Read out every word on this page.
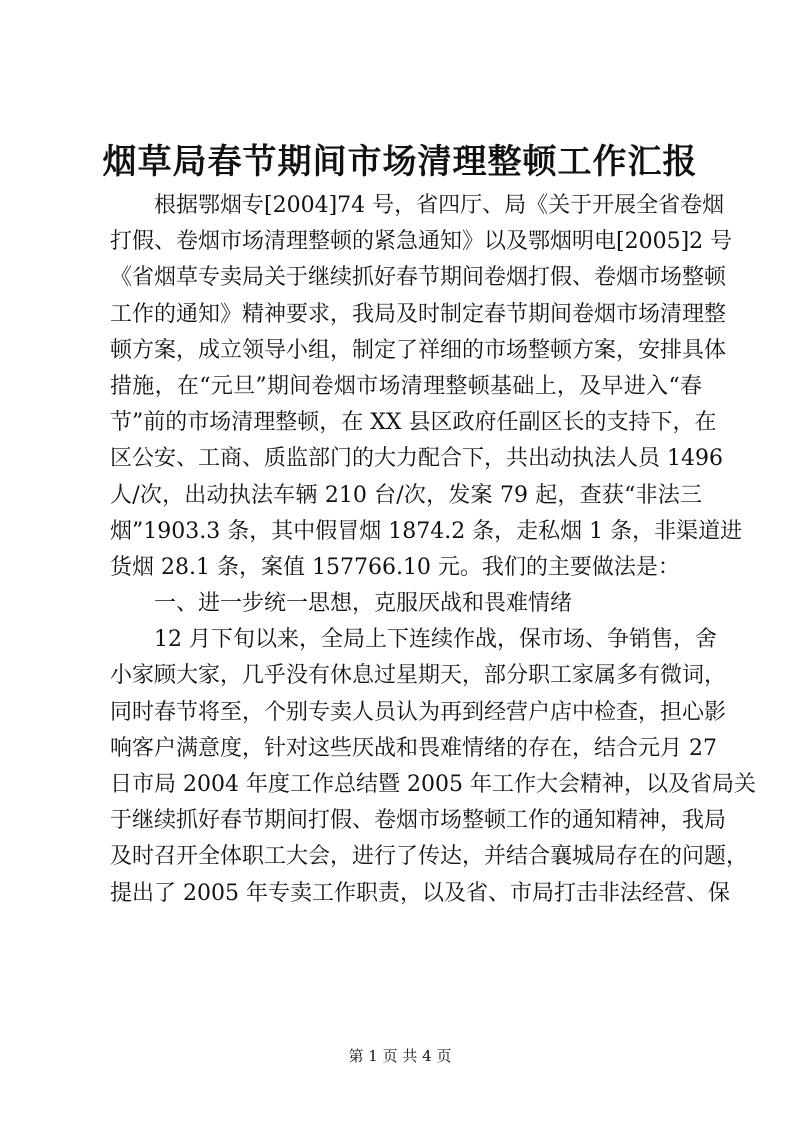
烟草局春节期间市场清理整顿工作汇报
根据鄂烟专[2004]74 号，省四厅、局《关于开展全省卷烟
打假、卷烟市场清理整顿的紧急通知》以及鄂烟明电[2005]2 号
《省烟草专卖局关于继续抓好春节期间卷烟打假、卷烟市场整顿
工作的通知》精神要求，我局及时制定春节期间卷烟市场清理整
顿方案，成立领导小组，制定了祥细的市场整顿方案，安排具体
措施，在“元旦”期间卷烟市场清理整顿基础上，及早进入“春
节”前的市场清理整顿，在 XX 县区政府任副区长的支持下，在
区公安、工商、质监部门的大力配合下，共出动执法人员 1496
人/次，出动执法车辆 210 台/次，发案 79 起，查获“非法三
烟”1903.3 条，其中假冒烟 1874.2 条，走私烟 1 条，非渠道进
货烟 28.1 条，案值 157766.10 元。我们的主要做法是：
一、进一步统一思想，克服厌战和畏难情绪
12 月下旬以来，全局上下连续作战，保市场、争销售，舍
小家顾大家，几乎没有休息过星期天，部分职工家属多有微词，
同时春节将至，个别专卖人员认为再到经营户店中检查，担心影
响客户满意度，针对这些厌战和畏难情绪的存在，结合元月 27
日市局 2004 年度工作总结暨 2005 年工作大会精神，以及省局关
于继续抓好春节期间打假、卷烟市场整顿工作的通知精神，我局
及时召开全体职工大会，进行了传达，并结合襄城局存在的问题，
提出了 2005 年专卖工作职责，以及省、市局打击非法经营、保
第 1 页 共 4 页
